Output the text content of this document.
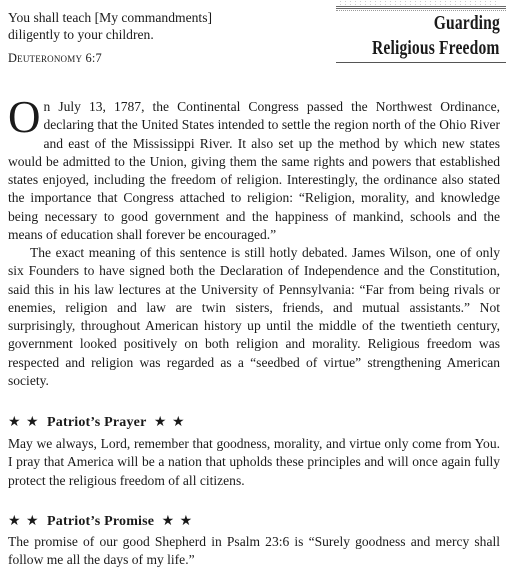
You shall teach [My commandments]
diligently to your children.
Deuteronomy 6:7
Guarding
Religious Freedom

On July 13, 1787, the Continental Congress passed the Northwest Ordinance, declaring that the United States intended to settle the region north of the Ohio River and east of the Mississippi River. It also set up the method by which new states would be admitted to the Union, giving them the same rights and powers that established states enjoyed, including the freedom of religion. Interestingly, the ordinance also stated the importance that Congress attached to religion: “Religion, morality, and knowledge being necessary to good government and the happiness of mankind, schools and the means of education shall forever be encouraged.”

The exact meaning of this sentence is still hotly debated. James Wilson, one of only six Founders to have signed both the Declaration of Independence and the Constitution, said this in his law lectures at the University of Pennsylvania: “Far from being rivals or enemies, religion and law are twin sisters, friends, and mutual assistants.” Not surprisingly, throughout American history up until the middle of the twentieth century, government looked positively on both religion and morality. Religious freedom was respected and religion was regarded as a “seedbed of virtue” strengthening American society.

★ ★ Patriot’s Prayer ★ ★
May we always, Lord, remember that goodness, morality, and virtue only come from You. I pray that America will be a nation that upholds these principles and will once again fully protect the religious freedom of all citizens.
★ ★ Patriot’s Promise ★ ★
The promise of our good Shepherd in Psalm 23:6 is “Surely goodness and mercy shall follow me all the days of my life.”
